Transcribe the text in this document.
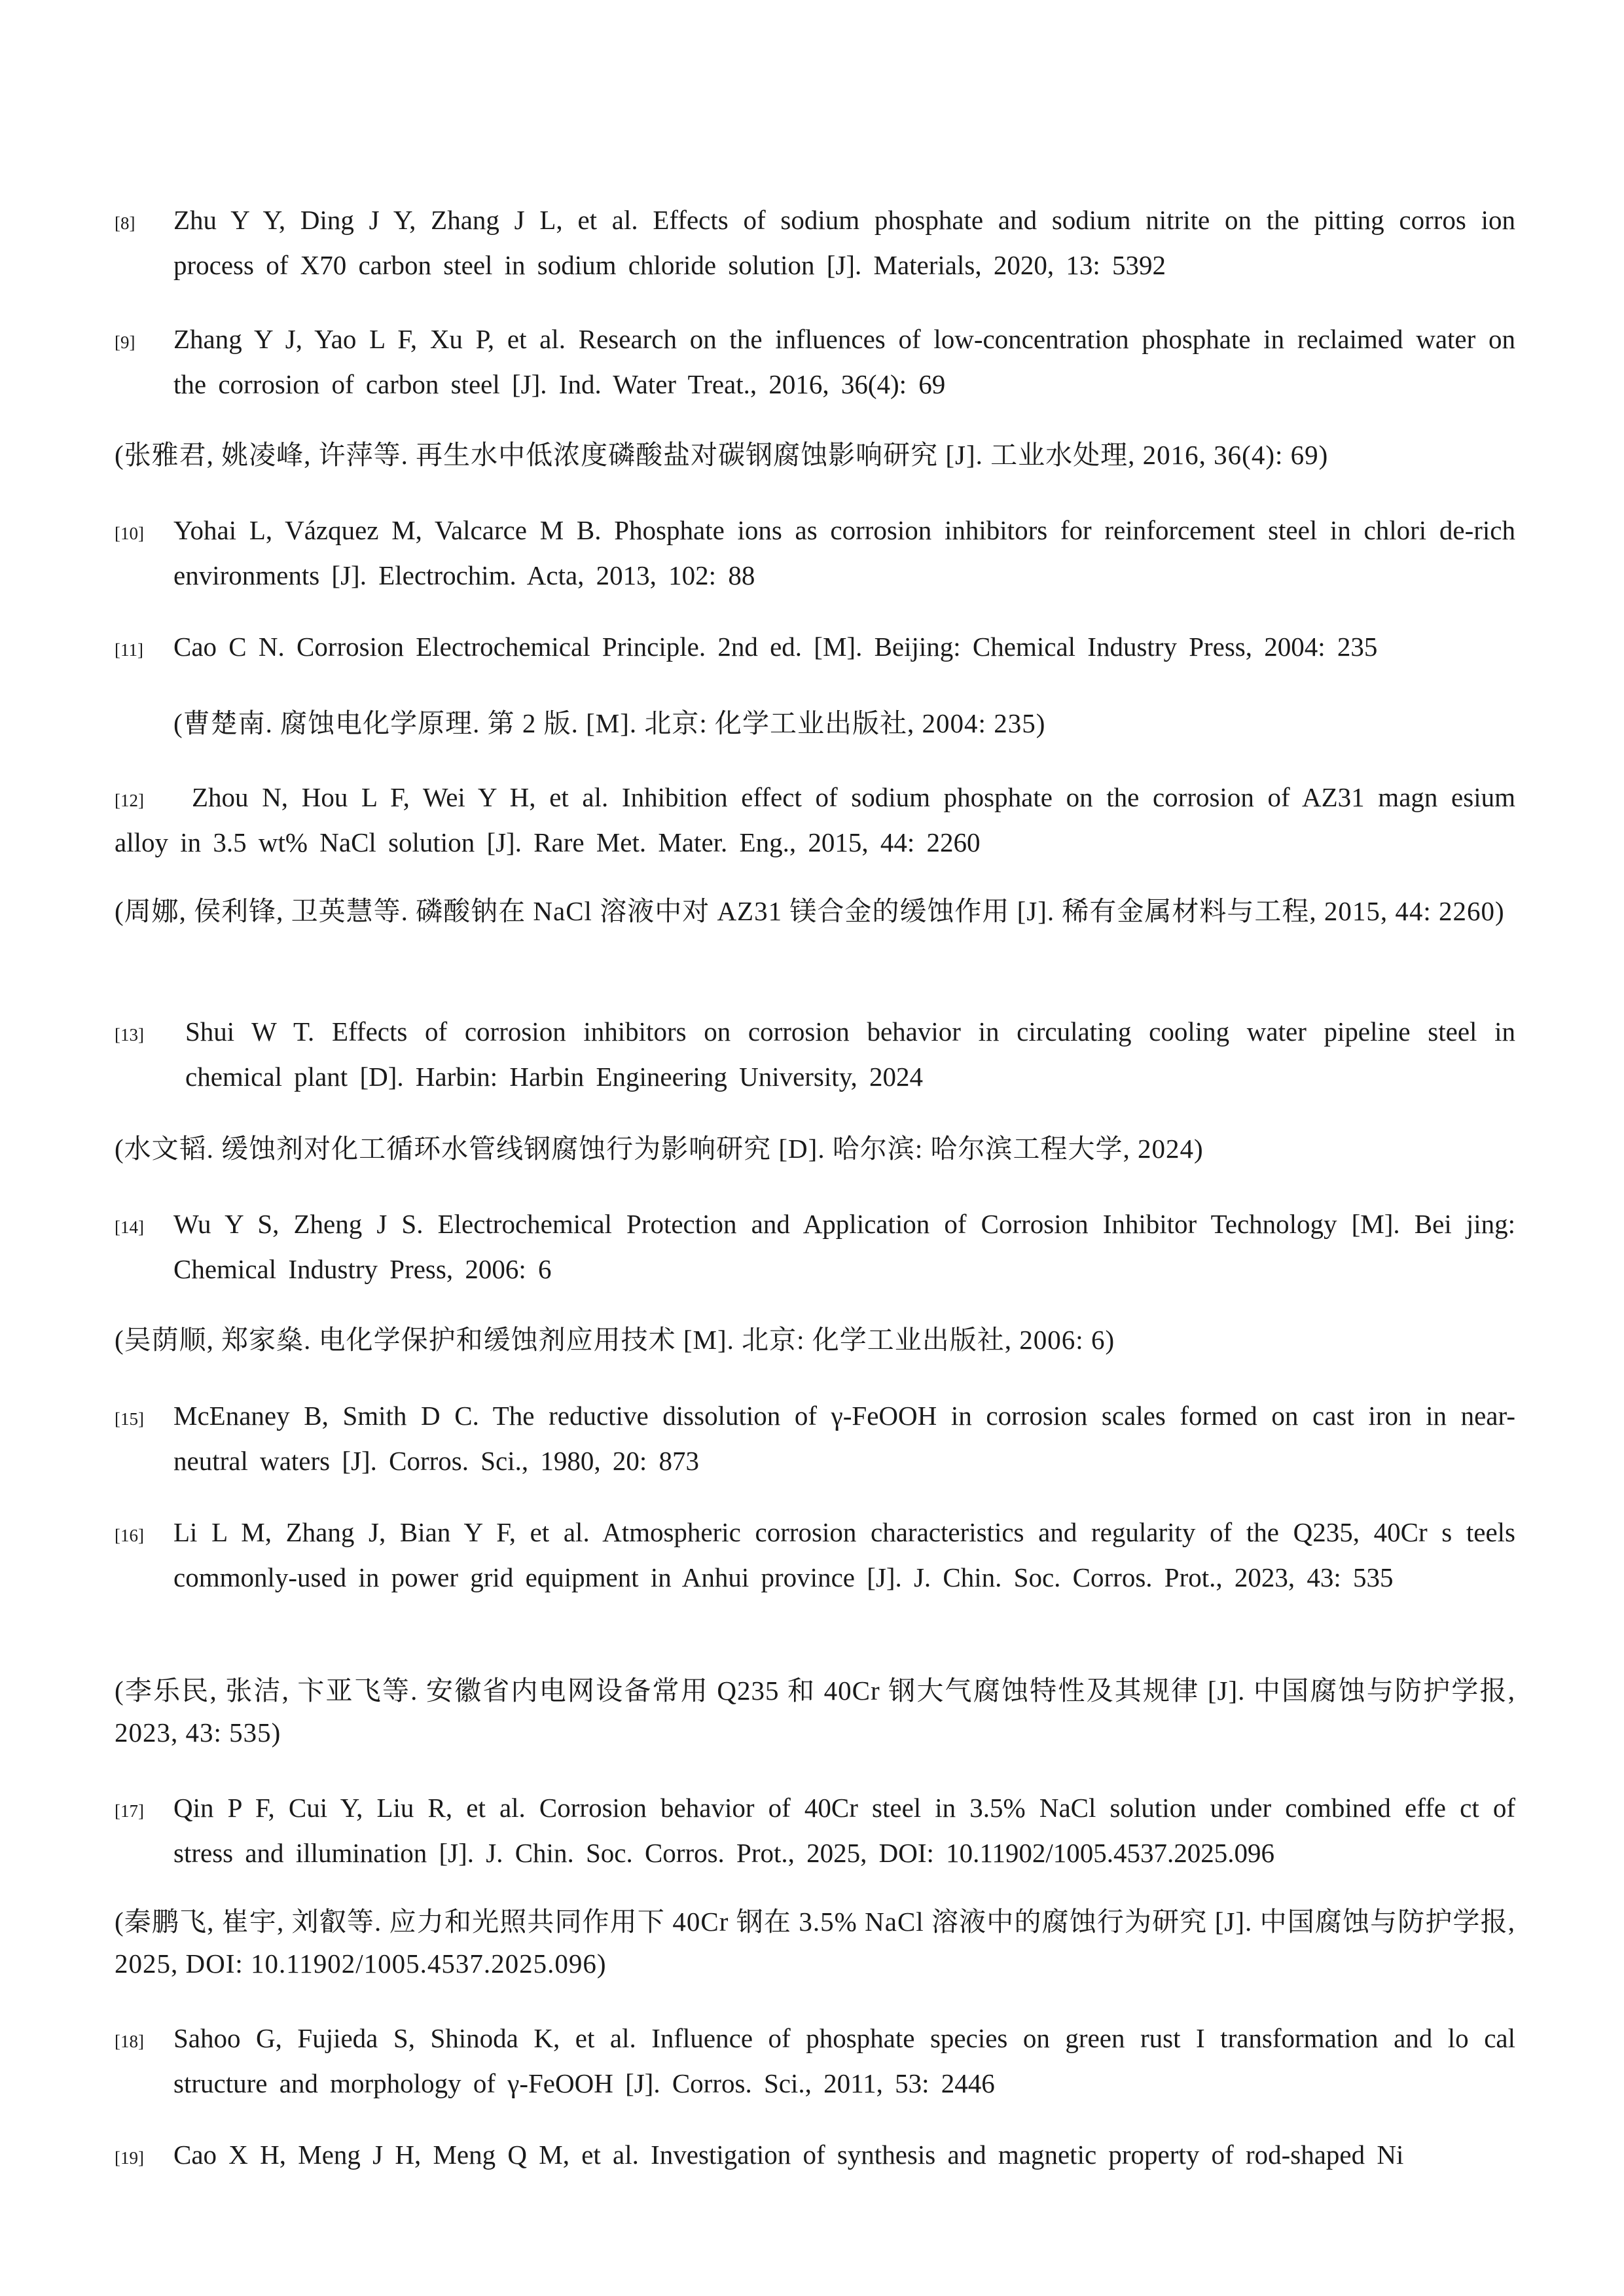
[8] Zhu Y Y, Ding J Y, Zhang J L, et al. Effects of sodium phosphate and sodium nitrite on the pitting corros ion process of X70 carbon steel in sodium chloride solution [J]. Materials, 2020, 13: 5392
[9] Zhang Y J, Yao L F, Xu P, et al. Research on the influences of low-concentration phosphate in reclaimed water on the corrosion of carbon steel [J]. Ind. Water Treat., 2016, 36(4): 69
(张雅君, 姚凌峰, 许萍等. 再生水中低浓度磷酸盐对碳钢腐蚀影响研究 [J]. 工业水处理, 2016, 36(4): 69)
[10] Yohai L, Vázquez M, Valcarce M B. Phosphate ions as corrosion inhibitors for reinforcement steel in chlori de-rich environments [J]. Electrochim. Acta, 2013, 102: 88
[11] Cao C N. Corrosion Electrochemical Principle. 2nd ed. [M]. Beijing: Chemical Industry Press, 2004: 235
(曹楚南. 腐蚀电化学原理. 第 2 版. [M]. 北京: 化学工业出版社, 2004: 235)
[12] Zhou N, Hou L F, Wei Y H, et al. Inhibition effect of sodium phosphate on the corrosion of AZ31 magn esium alloy in 3.5 wt% NaCl solution [J]. Rare Met. Mater. Eng., 2015, 44: 2260
(周娜, 侯利锋, 卫英慧等. 磷酸钠在 NaCl 溶液中对 AZ31 镁合金的缓蚀作用 [J]. 稀有金属材料与工程, 2015, 44: 2260)
[13] Shui W T. Effects of corrosion inhibitors on corrosion behavior in circulating cooling water pipeline steel in chemical plant [D]. Harbin: Harbin Engineering University, 2024
(水文韬. 缓蚀剂对化工循环水管线钢腐蚀行为影响研究 [D]. 哈尔滨: 哈尔滨工程大学, 2024)
[14] Wu Y S, Zheng J S. Electrochemical Protection and Application of Corrosion Inhibitor Technology [M]. Bei jing: Chemical Industry Press, 2006: 6
(吴荫顺, 郑家燊. 电化学保护和缓蚀剂应用技术 [M]. 北京: 化学工业出版社, 2006: 6)
[15] McEnaney B, Smith D C. The reductive dissolution of γ-FeOOH in corrosion scales formed on cast iron in near-neutral waters [J]. Corros. Sci., 1980, 20: 873
[16] Li L M, Zhang J, Bian Y F, et al. Atmospheric corrosion characteristics and regularity of the Q235, 40Cr s teels commonly-used in power grid equipment in Anhui province [J]. J. Chin. Soc. Corros. Prot., 2023, 43: 535
(李乐民, 张洁, 卞亚飞等. 安徽省内电网设备常用 Q235 和 40Cr 钢大气腐蚀特性及其规律 [J]. 中国腐蚀与防护学报, 2023, 43: 535)
[17] Qin P F, Cui Y, Liu R, et al. Corrosion behavior of 40Cr steel in 3.5% NaCl solution under combined effe ct of stress and illumination [J]. J. Chin. Soc. Corros. Prot., 2025, DOI: 10.11902/1005.4537.2025.096
(秦鹏飞, 崔宇, 刘叡等. 应力和光照共同作用下 40Cr 钢在 3.5% NaCl 溶液中的腐蚀行为研究 [J]. 中国腐蚀与防护学报, 2025, DOI: 10.11902/1005.4537.2025.096)
[18] Sahoo G, Fujieda S, Shinoda K, et al. Influence of phosphate species on green rust I transformation and lo cal structure and morphology of γ-FeOOH [J]. Corros. Sci., 2011, 53: 2446
[19] Cao X H, Meng J H, Meng Q M, et al. Investigation of synthesis and magnetic property of rod-shaped Ni
